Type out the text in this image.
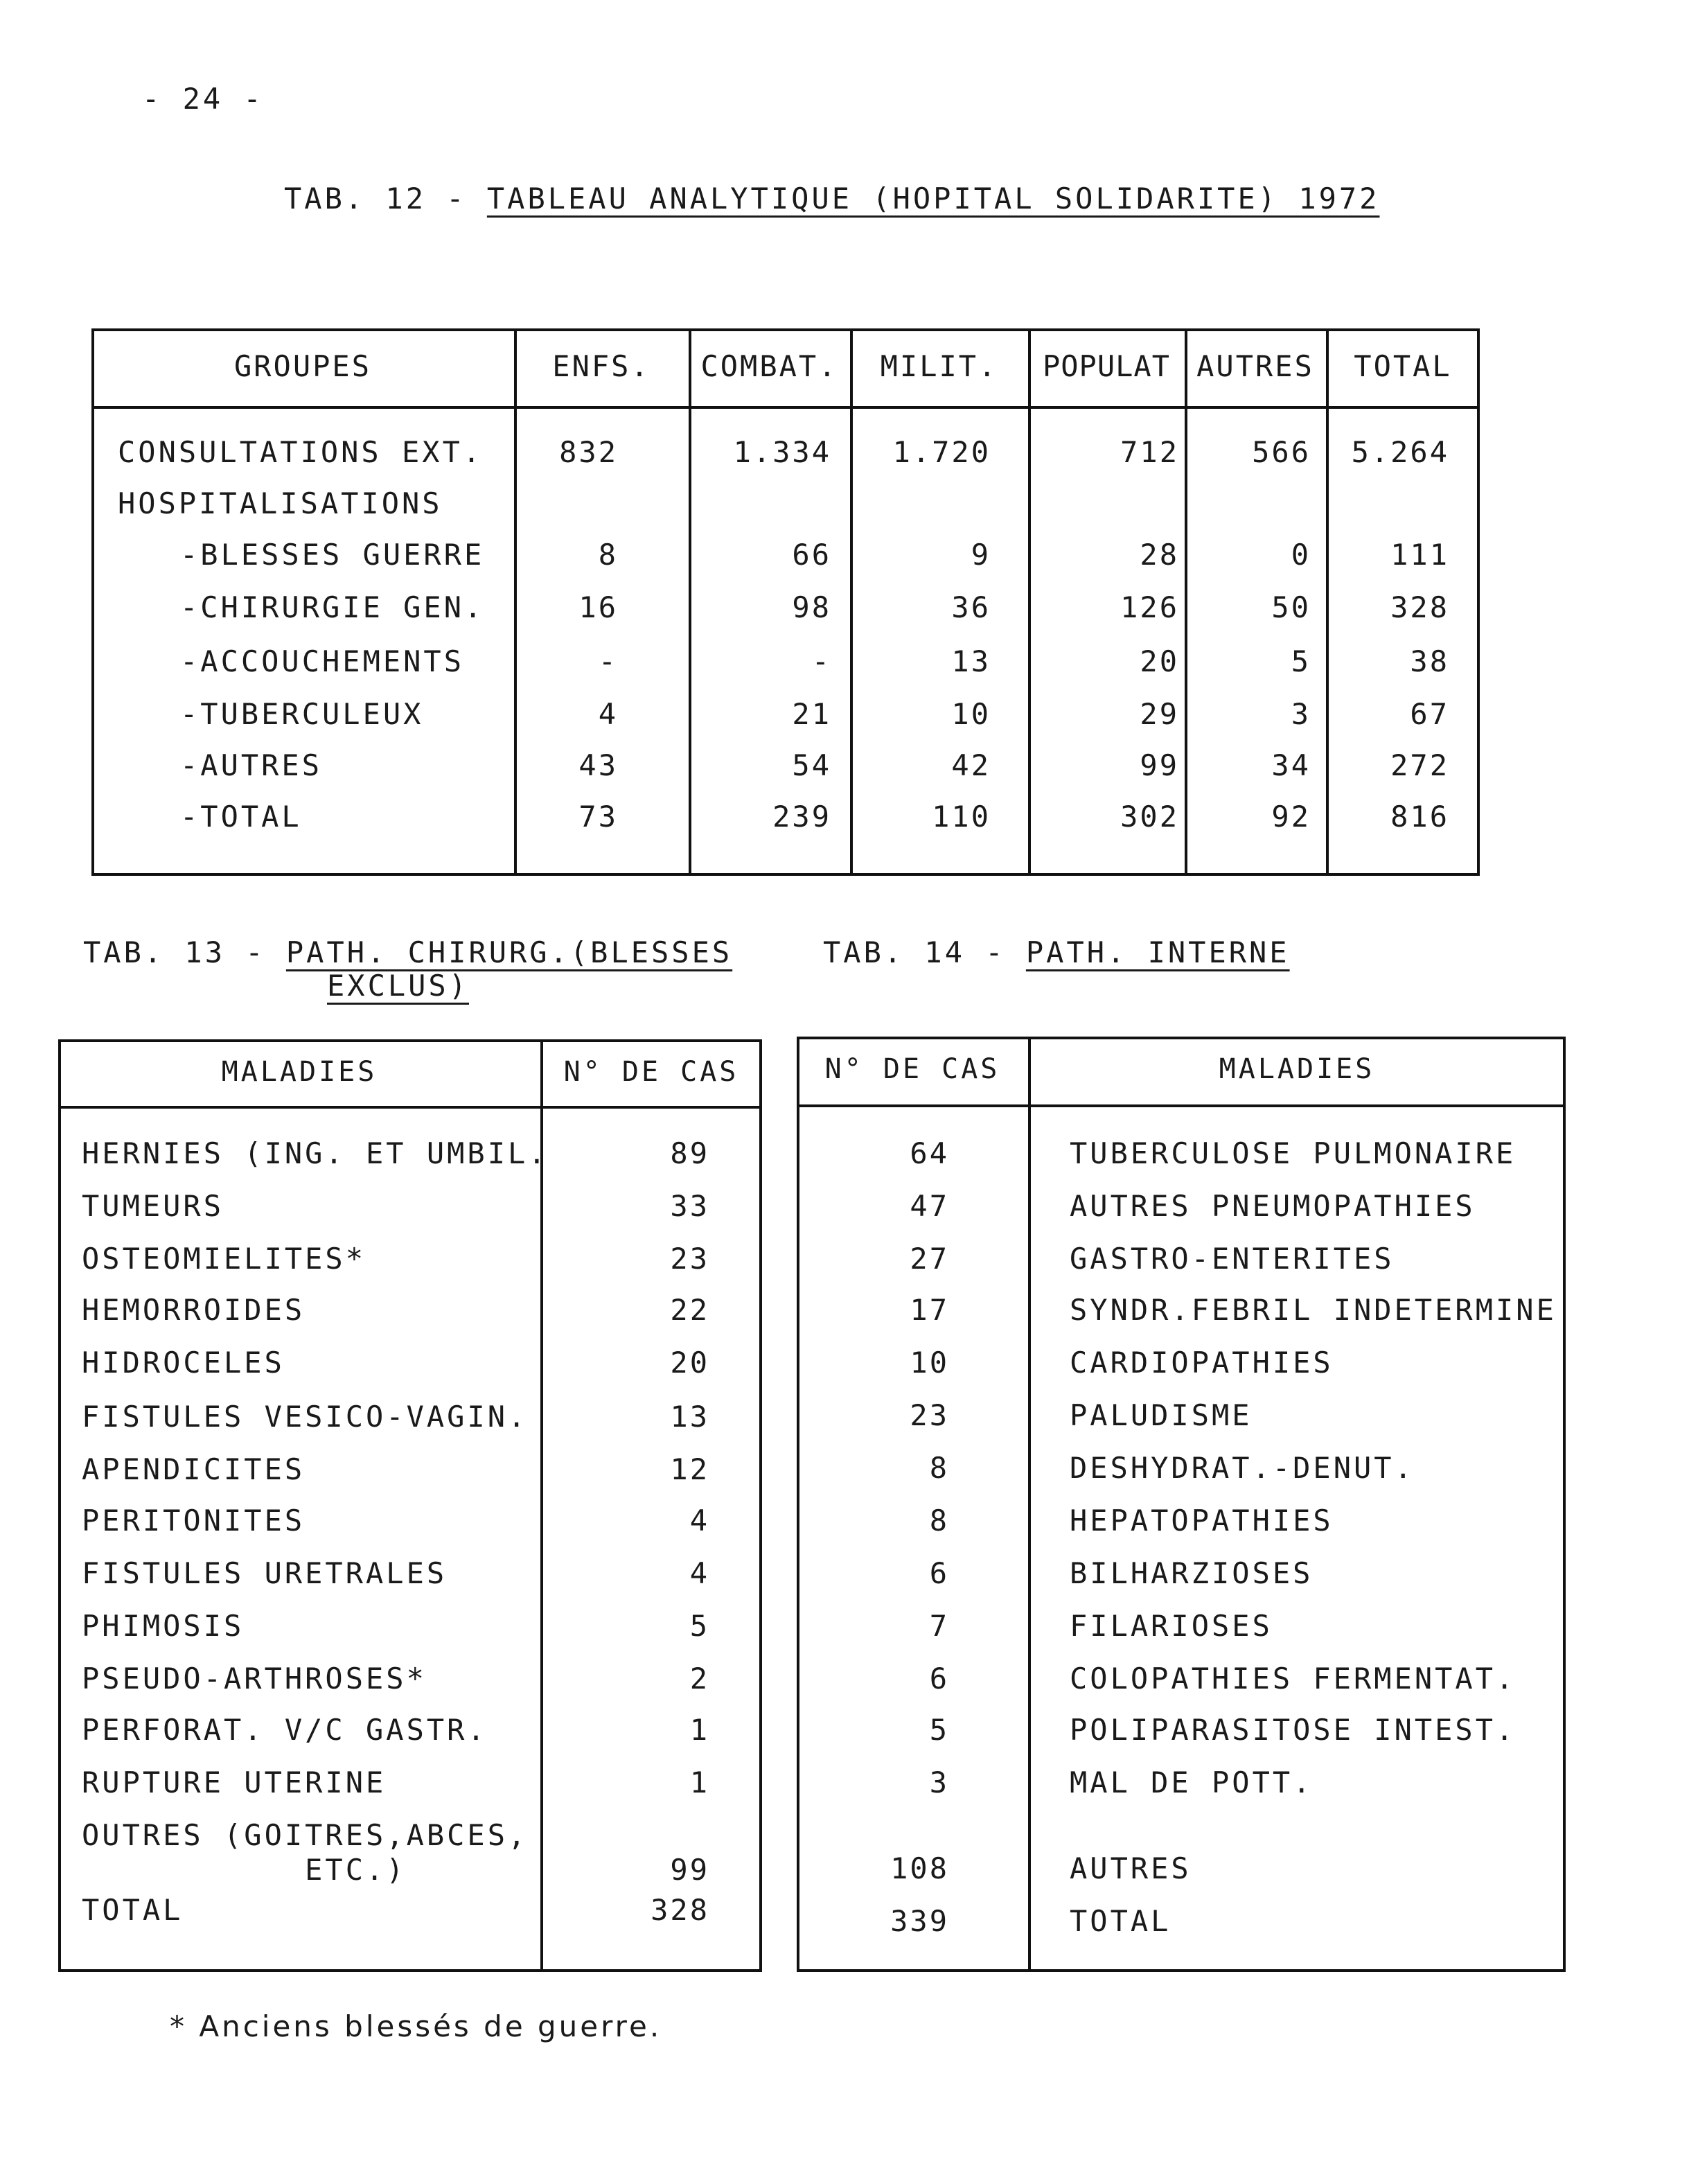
- 24 -
TAB. 12 - TABLEAU ANALYTIQUE (HOPITAL SOLIDARITE) 1972
GROUPES	ENFS.	COMBAT.	MILIT.	POPULAT AUTRES	TOTAL
CONSULTATIONS EXT.	832	1.334	1.720	712	566	5.264
HOSPITALISATIONS
-BLESSES GUERRE	8	66	9	28	0	111
-CHIRURGIE GEN.	16	98	36	126	50	328
-ACCOUCHEMENTS	-	-	13	20	5	38
-TUBERCULEUX	4	21	10	29	3	67
-AUTRES	43	54	42	99	34	272
-TOTAL	73	239	110	302	92	816
TAB. 13 - PATH. CHIRURG.(BLESSES
EXCLUS)
TAB. 14 - PATH. INTERNE
MALADIES	N° DE CAS
HERNIES (ING. ET UMBIL.	89
TUMEURS	33
OSTEOMIELITES*	23
HEMORROIDES	22
HIDROCELES	20
FISTULES VESICO-VAGIN.	13
APENDICITES	12
PERITONITES	4
FISTULES URETRALES	4
PHIMOSIS	5
PSEUDO-ARTHROSES*	2
PERFORAT. V/C GASTR.	1
RUPTURE UTERINE	1
OUTRES (GOITRES,ABCES,
ETC.)	99
TOTAL	328
N° DE CAS	MALADIES
64	TUBERCULOSE PULMONAIRE
47	AUTRES PNEUMOPATHIES
27	GASTRO-ENTERITES
17	SYNDR.FEBRIL INDETERMINE
10	CARDIOPATHIES
23	PALUDISME
8	DESHYDRAT.-DENUT.
8	HEPATOPATHIES
6	BILHARZIOSES
7	FILARIOSES
6	COLOPATHIES FERMENTAT.
5	POLIPARASITOSE INTEST.
3	MAL DE POTT.
108	AUTRES
339	TOTAL
* Anciens blessés de guerre.
